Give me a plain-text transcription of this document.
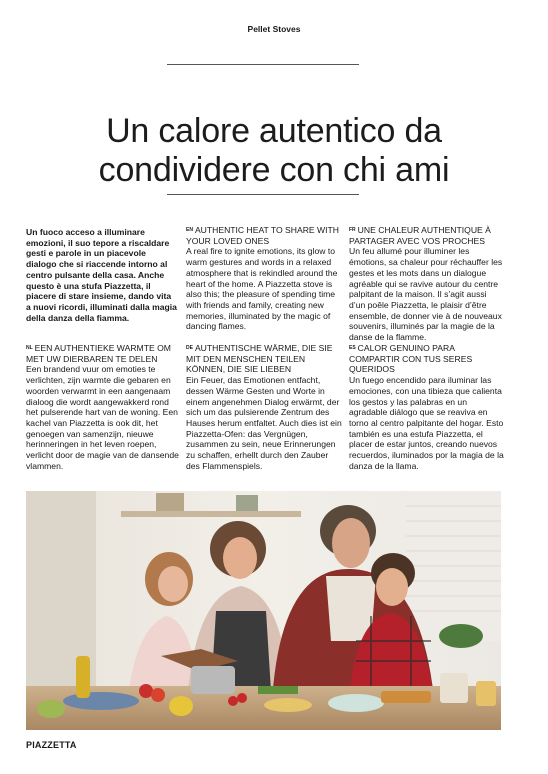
Pellet Stoves
Un calore autentico da
condividere con chi ami

Un fuoco acceso a illuminare emozioni, il suo tepore a riscaldare gesti e parole in un piacevole dialogo che si riaccende intorno al centro pulsante della casa. Anche questo è una stufa Piazzetta, il piacere di stare insieme, dando vita a nuovi ricordi, illuminati dalla magia della danza della fiamma.

$^{EN}$ AUTHENTIC HEAT TO SHARE WITH YOUR LOVED ONES

A real fire to ignite emotions, its glow to warm gestures and words in a relaxed atmosphere that is rekindled around the heart of the home. A Piazzetta stove is also this; the pleasure of spending time with friends and family, creating new memories, illuminated by the magic of dancing flames.

$^{FR}$ UNE CHALEUR AUTHENTIQUE À PARTAGER AVEC VOS PROCHES

Un feu allumé pour illuminer les émotions, sa chaleur pour réchauffer les gestes et les mots dans un dialogue agréable qui se ravive autour du centre palpitant de la maison. Il s’agit aussi d’un poêle Piazzetta, le plaisir d’être ensemble, de donner vie à de nouveaux souvenirs, illuminés par la magie de la danse de la flamme.

$^{NL}$ EEN AUTHENTIEKE WARMTE OM MET UW DIERBAREN TE DELEN

Een brandend vuur om emoties te verlichten, zijn warmte die gebaren en woorden verwarmt in een aangenaam dialoog die wordt aangewakkerd rond het pulserende hart van de woning. Een kachel van Piazzetta is ook dit, het genoegen van samenzijn, nieuwe herinneringen in het leven roepen, verlicht door de magie van de dansende vlammen.

$^{DE}$ AUTHENTISCHE WÄRME, DIE SIE MIT DEN MENSCHEN TEILEN KÖNNEN, DIE SIE LIEBEN

Ein Feuer, das Emotionen entfacht, dessen Wärme Gesten und Worte in einem angenehmen Dialog erwärmt, der sich um das pulsierende Zentrum des Hauses herum entfaltet. Auch dies ist ein Piazzetta-Ofen: das Vergnügen, zusammen zu sein, neue Erinnerungen zu schaffen, erhellt durch den Zauber des Flammenspiels.

$^{ES}$ CALOR GENUINO PARA COMPARTIR CON TUS SERES QUERIDOS

Un fuego encendido para iluminar las emociones, con una tibieza que calienta los gestos y las palabras en un agradable diálogo que se reaviva en torno al centro palpitante del hogar. Esto también es una estufa Piazzetta, el placer de estar juntos, creando nuevos recuerdos, iluminados por la magia de la danza de la llama.

PIAZZETTA
